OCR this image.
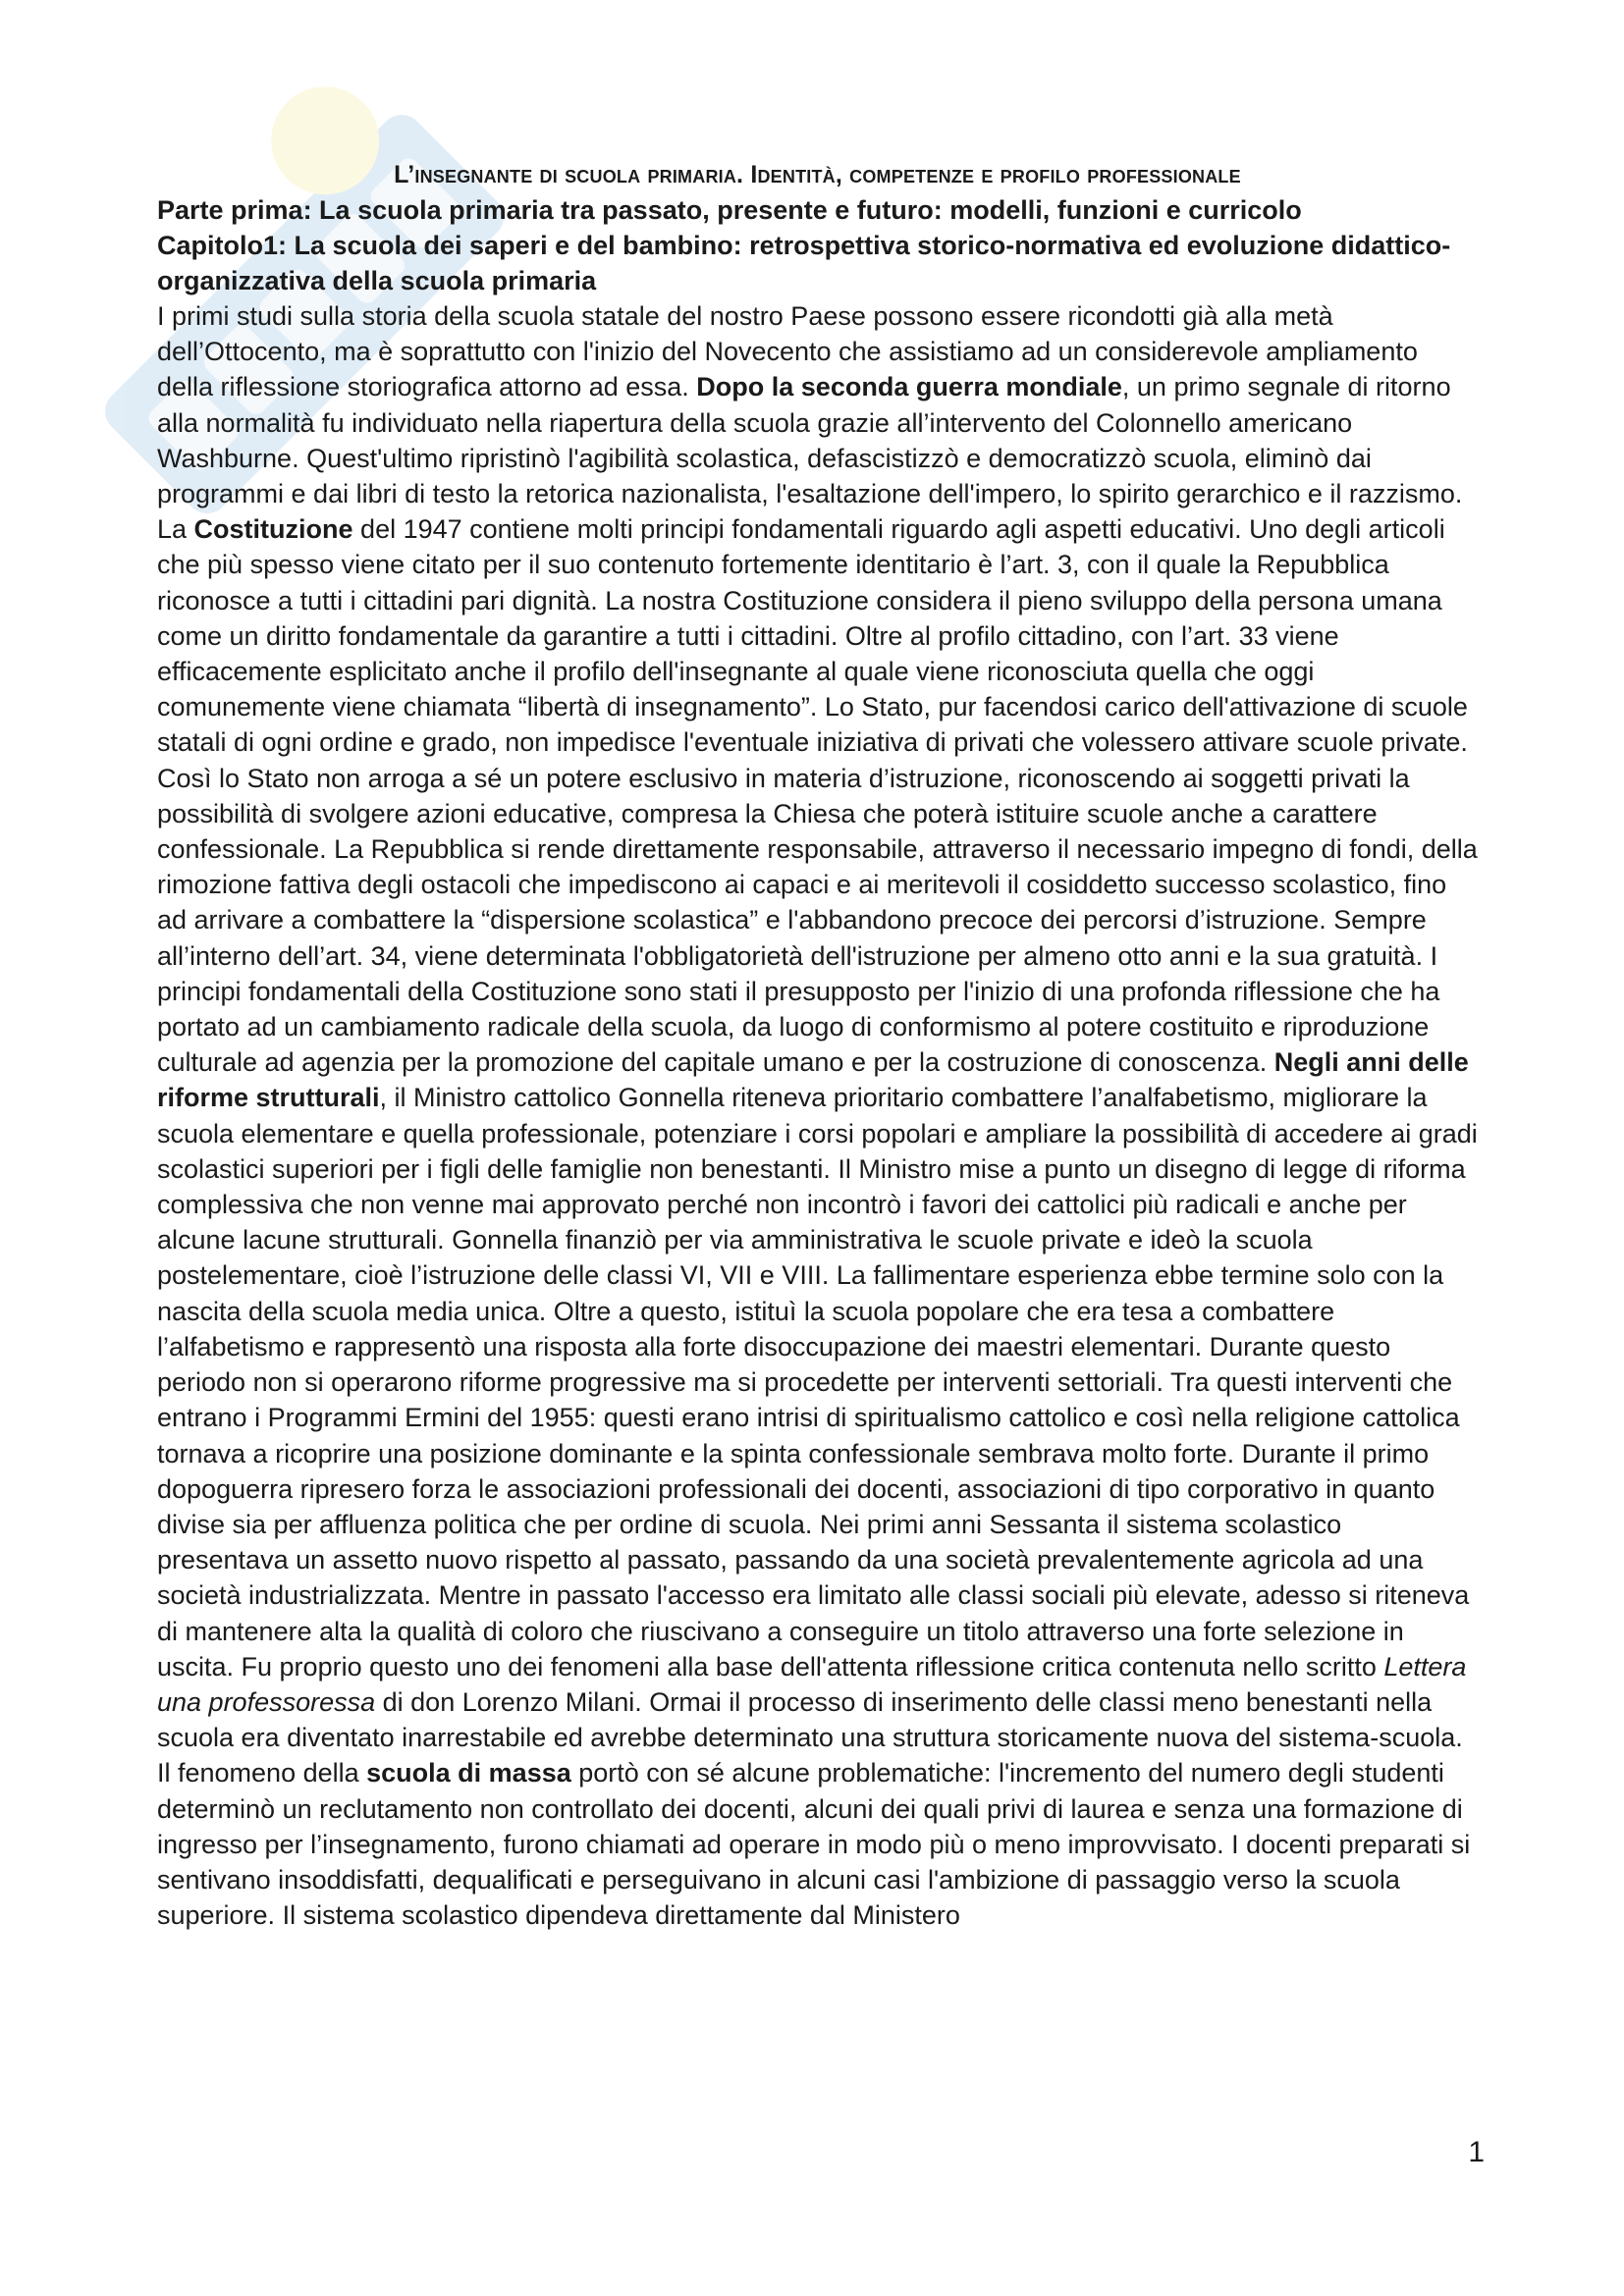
L’insegnante di scuola primaria. Identità, competenze e profilo professionale
Parte prima: La scuola primaria tra passato, presente e futuro: modelli, funzioni e curricolo
Capitolo1: La scuola dei saperi e del bambino: retrospettiva storico-normativa ed evoluzione didattico-organizzativa della scuola primaria

I primi studi sulla storia della scuola statale del nostro Paese possono essere ricondotti già alla metà dell’Ottocento, ma è soprattutto con l'inizio del Novecento che assistiamo ad un considerevole ampliamento della riflessione storiografica attorno ad essa. Dopo la seconda guerra mondiale, un primo segnale di ritorno alla normalità fu individuato nella riapertura della scuola grazie all’intervento del Colonnello americano Washburne. Quest'ultimo ripristinò l'agibilità scolastica, defascistizzò e democratizzò scuola, eliminò dai programmi e dai libri di testo la retorica nazionalista, l'esaltazione dell'impero, lo spirito gerarchico e il razzismo. La Costituzione del 1947 contiene molti principi fondamentali riguardo agli aspetti educativi. Uno degli articoli che più spesso viene citato per il suo contenuto fortemente identitario è l’art. 3, con il quale la Repubblica riconosce a tutti i cittadini pari dignità. La nostra Costituzione considera il pieno sviluppo della persona umana come un diritto fondamentale da garantire a tutti i cittadini. Oltre al profilo cittadino, con l’art. 33 viene efficacemente esplicitato anche il profilo dell'insegnante al quale viene riconosciuta quella che oggi comunemente viene chiamata “libertà di insegnamento”. Lo Stato, pur facendosi carico dell'attivazione di scuole statali di ogni ordine e grado, non impedisce l'eventuale iniziativa di privati che volessero attivare scuole private. Così lo Stato non arroga a sé un potere esclusivo in materia d’istruzione, riconoscendo ai soggetti privati la possibilità di svolgere azioni educative, compresa la Chiesa che poterà istituire scuole anche a carattere confessionale. La Repubblica si rende direttamente responsabile, attraverso il necessario impegno di fondi, della rimozione fattiva degli ostacoli che impediscono ai capaci e ai meritevoli il cosiddetto successo scolastico, fino ad arrivare a combattere la “dispersione scolastica” e l'abbandono precoce dei percorsi d’istruzione. Sempre all’interno dell’art. 34, viene determinata l'obbligatorietà dell'istruzione per almeno otto anni e la sua gratuità. I principi fondamentali della Costituzione sono stati il presupposto per l'inizio di una profonda riflessione che ha portato ad un cambiamento radicale della scuola, da luogo di conformismo al potere costituito e riproduzione culturale ad agenzia per la promozione del capitale umano e per la costruzione di conoscenza. Negli anni delle riforme strutturali, il Ministro cattolico Gonnella riteneva prioritario combattere l’analfabetismo, migliorare la scuola elementare e quella professionale, potenziare i corsi popolari e ampliare la possibilità di accedere ai gradi scolastici superiori per i figli delle famiglie non benestanti. Il Ministro mise a punto un disegno di legge di riforma complessiva che non venne mai approvato perché non incontrò i favori dei cattolici più radicali e anche per alcune lacune strutturali. Gonnella finanziò per via amministrativa le scuole private e ideò la scuola postelementare, cioè l’istruzione delle classi VI, VII e VIII. La fallimentare esperienza ebbe termine solo con la nascita della scuola media unica. Oltre a questo, istituì la scuola popolare che era tesa a combattere l’alfabetismo e rappresentò una risposta alla forte disoccupazione dei maestri elementari. Durante questo periodo non si operarono riforme progressive ma si procedette per interventi settoriali. Tra questi interventi che entrano i Programmi Ermini del 1955: questi erano intrisi di spiritualismo cattolico e così nella religione cattolica tornava a ricoprire una posizione dominante e la spinta confessionale sembrava molto forte. Durante il primo dopoguerra ripresero forza le associazioni professionali dei docenti, associazioni di tipo corporativo in quanto divise sia per affluenza politica che per ordine di scuola. Nei primi anni Sessanta il sistema scolastico presentava un assetto nuovo rispetto al passato, passando da una società prevalentemente agricola ad una società industrializzata. Mentre in passato l'accesso era limitato alle classi sociali più elevate, adesso si riteneva di mantenere alta la qualità di coloro che riuscivano a conseguire un titolo attraverso una forte selezione in uscita. Fu proprio questo uno dei fenomeni alla base dell'attenta riflessione critica contenuta nello scritto Lettera una professoressa di don Lorenzo Milani. Ormai il processo di inserimento delle classi meno benestanti nella scuola era diventato inarrestabile ed avrebbe determinato una struttura storicamente nuova del sistema-scuola. Il fenomeno della scuola di massa portò con sé alcune problematiche: l'incremento del numero degli studenti determinò un reclutamento non controllato dei docenti, alcuni dei quali privi di laurea e senza una formazione di ingresso per l’insegnamento, furono chiamati ad operare in modo più o meno improvvisato. I docenti preparati si sentivano insoddisfatti, dequalificati e perseguivano in alcuni casi l'ambizione di passaggio verso la scuola superiore. Il sistema scolastico dipendeva direttamente dal Ministero

1
